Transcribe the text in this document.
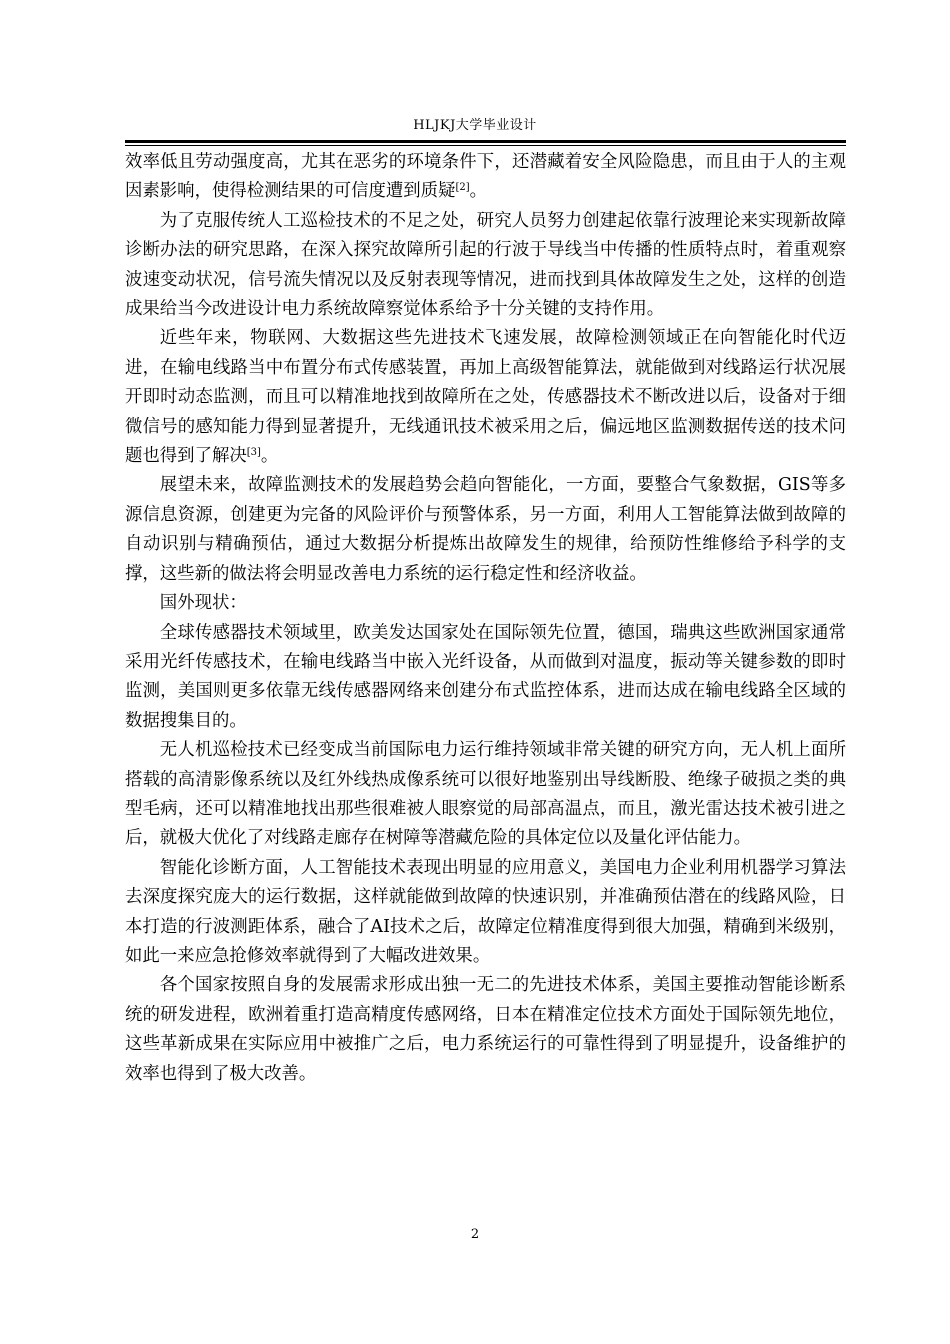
HLJKJ大学毕业设计

效率低且劳动强度高，尤其在恶劣的环境条件下，还潜藏着安全风险隐患，而且由于人的主观因素影响，使得检测结果的可信度遭到质疑[2]。

为了克服传统人工巡检技术的不足之处，研究人员努力创建起依靠行波理论来实现新故障诊断办法的研究思路，在深入探究故障所引起的行波于导线当中传播的性质特点时，着重观察波速变动状况，信号流失情况以及反射表现等情况，进而找到具体故障发生之处，这样的创造成果给当今改进设计电力系统故障察觉体系给予十分关键的支持作用。

近些年来，物联网、大数据这些先进技术飞速发展，故障检测领域正在向智能化时代迈进，在输电线路当中布置分布式传感装置，再加上高级智能算法，就能做到对线路运行状况展开即时动态监测，而且可以精准地找到故障所在之处，传感器技术不断改进以后，设备对于细微信号的感知能力得到显著提升，无线通讯技术被采用之后，偏远地区监测数据传送的技术问题也得到了解决[3]。

展望未来，故障监测技术的发展趋势会趋向智能化，一方面，要整合气象数据，GIS等多源信息资源，创建更为完备的风险评价与预警体系，另一方面，利用人工智能算法做到故障的自动识别与精确预估，通过大数据分析提炼出故障发生的规律，给预防性维修给予科学的支撑，这些新的做法将会明显改善电力系统的运行稳定性和经济收益。

国外现状：

全球传感器技术领域里，欧美发达国家处在国际领先位置，德国，瑞典这些欧洲国家通常采用光纤传感技术，在输电线路当中嵌入光纤设备，从而做到对温度，振动等关键参数的即时监测，美国则更多依靠无线传感器网络来创建分布式监控体系，进而达成在输电线路全区域的数据搜集目的。

无人机巡检技术已经变成当前国际电力运行维持领域非常关键的研究方向，无人机上面所搭载的高清影像系统以及红外线热成像系统可以很好地鉴别出导线断股、绝缘子破损之类的典型毛病，还可以精准地找出那些很难被人眼察觉的局部高温点，而且，激光雷达技术被引进之后，就极大优化了对线路走廊存在树障等潜藏危险的具体定位以及量化评估能力。

智能化诊断方面，人工智能技术表现出明显的应用意义，美国电力企业利用机器学习算法去深度探究庞大的运行数据，这样就能做到故障的快速识别，并准确预估潜在的线路风险，日本打造的行波测距体系，融合了AI技术之后，故障定位精准度得到很大加强，精确到米级别，如此一来应急抢修效率就得到了大幅改进效果。

各个国家按照自身的发展需求形成出独一无二的先进技术体系，美国主要推动智能诊断系统的研发进程，欧洲着重打造高精度传感网络，日本在精准定位技术方面处于国际领先地位，这些革新成果在实际应用中被推广之后，电力系统运行的可靠性得到了明显提升，设备维护的效率也得到了极大改善。

2
